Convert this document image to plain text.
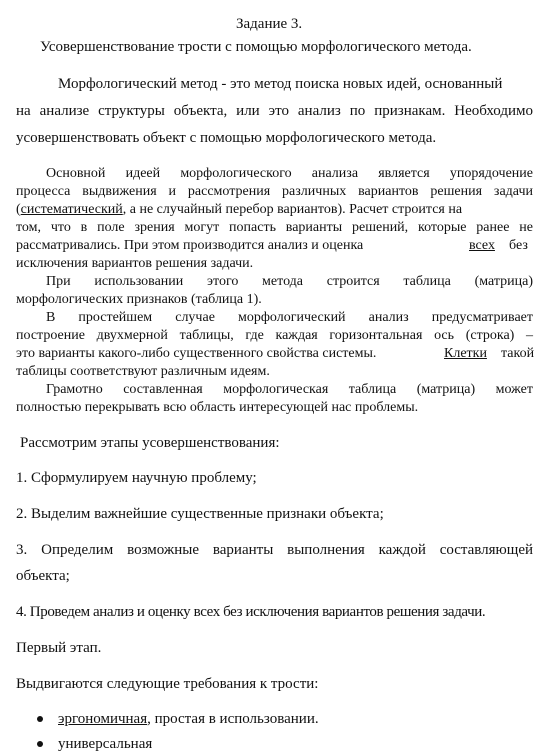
Задание 3.
Усовершенствование трости с помощью морфологического метода.
Морфологический метод - это метод поиска новых идей, основанный
на анализе структуры объекта, или это анализ по признакам. Необходимо
усовершенствовать объект с помощью морфологического метода.
Основной идеей морфологического анализа является упорядочение
процесса выдвижения и рассмотрения различных вариантов решения задачи
(систематический, а не случайный перебор вариантов). Расчет строится на
том, что в поле зрения могут попасть варианты решений, которые ранее не
рассматривались. При этом производится анализ и оценка	всех без
исключения вариантов решения задачи.
При использовании этого метода строится таблица (матрица)
морфологических признаков (таблица 1).
В простейшем случае морфологический анализ предусматривает
построение двухмерной таблицы, где каждая горизонтальная ось (строка) –
это варианты какого-либо существенного свойства системы.	Клетки такой
таблицы соответствуют различным идеям.
Грамотно составленная морфологическая таблица (матрица) может
полностью перекрывать всю область интересующей нас проблемы.
Рассмотрим этапы усовершенствования:
1. Сформулируем научную проблему;
2. Выделим важнейшие существенные признаки объекта;
3. Определим возможные варианты выполнения каждой составляющей
объекта;
4. Проведем анализ и оценку всех без исключения вариантов решения задачи.
Первый этап.
Выдвигаются следующие требования к трости:
эргономичная, простая в использовании.
универсальная
